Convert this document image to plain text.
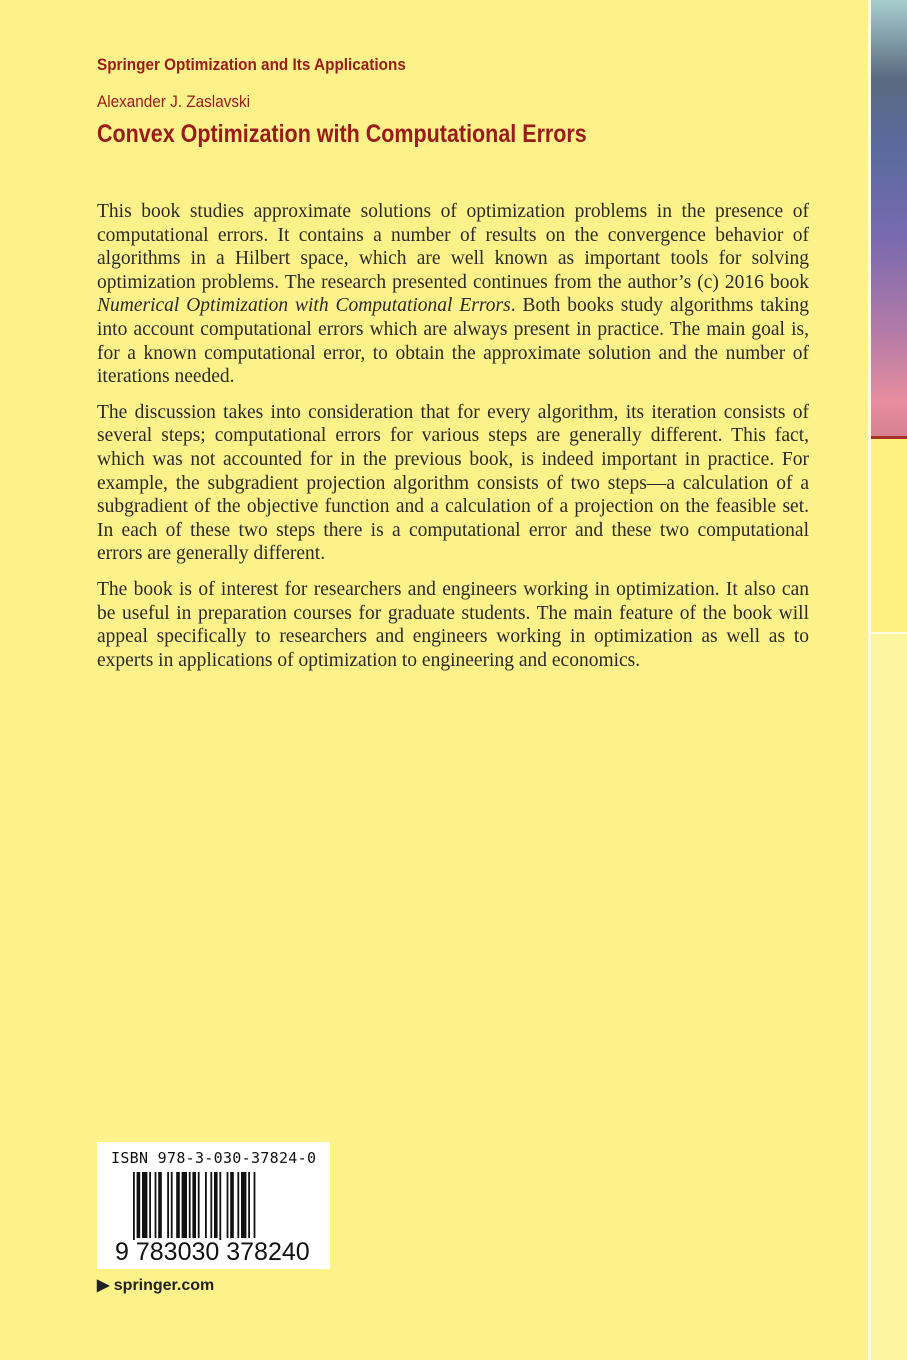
Springer Optimization and Its Applications
Alexander J. Zaslavski
Convex Optimization with Computational Errors

This book studies approximate solutions of optimization problems in the presence of computational errors. It contains a number of results on the convergence behavior of algorithms in a Hilbert space, which are well known as important tools for solving optimization problems. The research presented continues from the author’s (c) 2016 book Numerical Optimization with Computational Errors. Both books study algorithms taking into account computational errors which are always present in practice. The main goal is, for a known computational error, to obtain the approximate solution and the number of iterations needed.

The discussion takes into consideration that for every algorithm, its iteration consists of several steps; computational errors for various steps are generally different. This fact, which was not accounted for in the previous book, is indeed important in practice. For example, the subgradient projection algorithm consists of two steps—a calculation of a subgradient of the objective function and a calculation of a projection on the feasible set. In each of these two steps there is a computational error and these two computational errors are generally different.

The book is of interest for researchers and engineers working in optimization. It also can be useful in preparation courses for graduate students. The main feature of the book will appeal specifically to researchers and engineers working in optimization as well as to experts in applications of optimization to engineering and economics.

ISBN 978-3-030-37824-0
9 783030 378240
▶ springer.com
